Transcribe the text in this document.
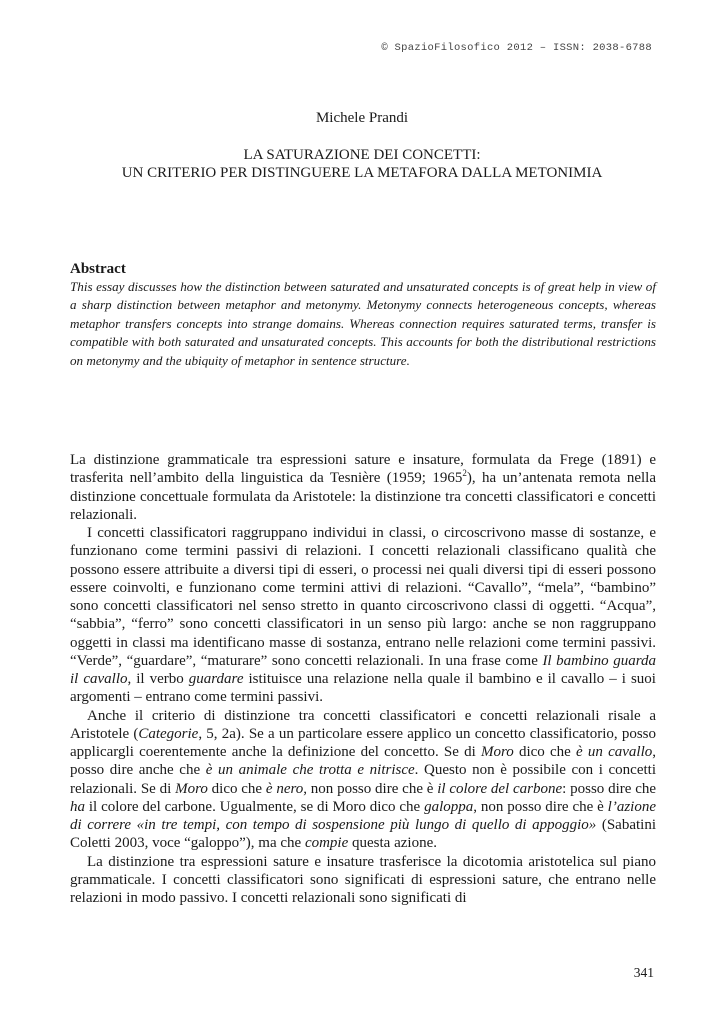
© SpazioFilosofico 2012 – ISSN: 2038-6788
Michele Prandi
LA SATURAZIONE DEI CONCETTI:
UN CRITERIO PER DISTINGUERE LA METAFORA DALLA METONIMIA

Abstract

This essay discusses how the distinction between saturated and unsaturated concepts is of great help in view of a sharp distinction between metaphor and metonymy. Metonymy connects heterogeneous concepts, whereas metaphor transfers concepts into strange domains. Whereas connection requires saturated terms, transfer is compatible with both saturated and unsaturated concepts. This accounts for both the distributional restrictions on metonymy and the ubiquity of metaphor in sentence structure.

La distinzione grammaticale tra espressioni sature e insature, formulata da Frege (1891) e trasferita nell’ambito della linguistica da Tesnière (1959; 1965$^2$), ha un’antenata remota nella distinzione concettuale formulata da Aristotele: la distinzione tra concetti classificatori e concetti relazionali.

I concetti classificatori raggruppano individui in classi, o circoscrivono masse di sostanze, e funzionano come termini passivi di relazioni. I concetti relazionali classificano qualità che possono essere attribuite a diversi tipi di esseri, o processi nei quali diversi tipi di esseri possono essere coinvolti, e funzionano come termini attivi di relazioni. “Cavallo”, “mela”, “bambino” sono concetti classificatori nel senso stretto in quanto circoscrivono classi di oggetti. “Acqua”, “sabbia”, “ferro” sono concetti classificatori in un senso più largo: anche se non raggruppano oggetti in classi ma identificano masse di sostanza, entrano nelle relazioni come termini passivi. “Verde”, “guardare”, “maturare” sono concetti relazionali. In una frase come Il bambino guarda il cavallo, il verbo guardare istituisce una relazione nella quale il bambino e il cavallo – i suoi argomenti – entrano come termini passivi.

Anche il criterio di distinzione tra concetti classificatori e concetti relazionali risale a Aristotele (Categorie, 5, 2a). Se a un particolare essere applico un concetto classificatorio, posso applicargli coerentemente anche la definizione del concetto. Se di Moro dico che è un cavallo, posso dire anche che è un animale che trotta e nitrisce. Questo non è possibile con i concetti relazionali. Se di Moro dico che è nero, non posso dire che è il colore del carbone: posso dire che ha il colore del carbone. Ugualmente, se di Moro dico che galoppa, non posso dire che è l’azione di correre «in tre tempi, con tempo di sospensione più lungo di quello di appoggio» (Sabatini Coletti 2003, voce “galoppo”), ma che compie questa azione.

La distinzione tra espressioni sature e insature trasferisce la dicotomia aristotelica sul piano grammaticale. I concetti classificatori sono significati di espressioni sature, che entrano nelle relazioni in modo passivo. I concetti relazionali sono significati di

341
